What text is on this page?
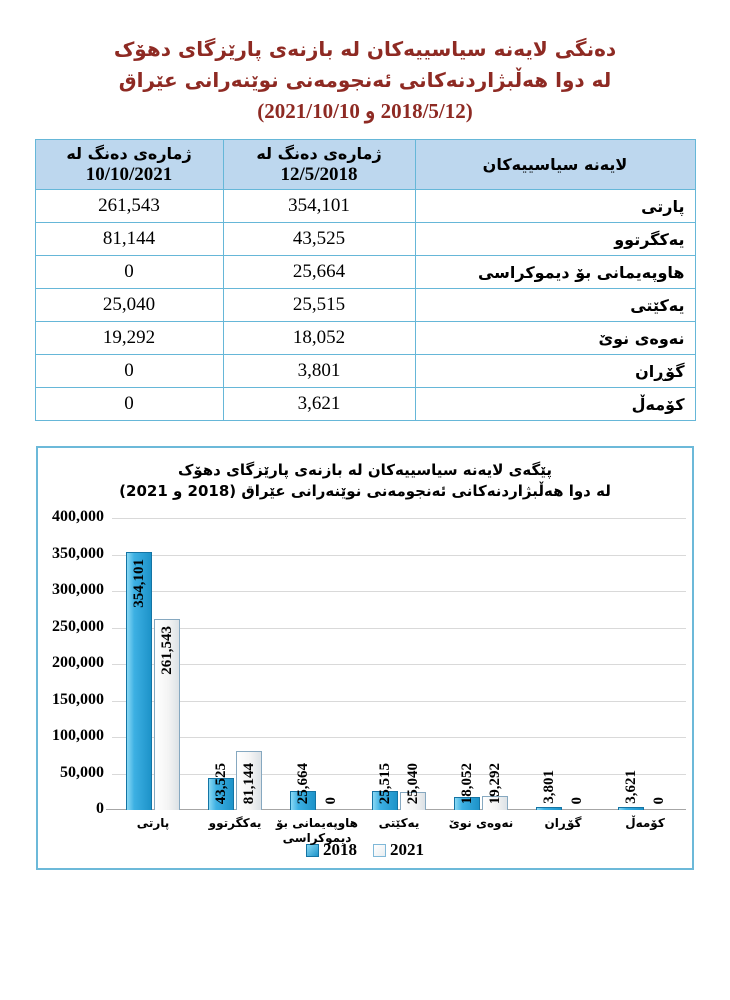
دەنگی لایەنە سیاسییەکان لە بازنەی پارێزگای دهۆک
لە دوا هەڵبژاردنەکانی ئەنجومەنی نوێنەرانی عێراق
(2018/5/12 و 2021/10/10)
لایەنە سیاسییەکان

ژمارەی دەنگ لە
12/5/2018

ژمارەی دەنگ لە
10/10/2021

پارتی	354,101	261,543
یەکگرتوو	43,525	81,144
هاوپەیمانی بۆ دیموکراسی	25,664	0
یەکێتی	25,515	25,040
نەوەی نوێ	18,052	19,292
گۆڕان	3,801	0
کۆمەڵ	3,621	0
پێگەی لایەنە سیاسییەکان لە بازنەی پارێزگای دهۆک
لە دوا هەڵبژاردنەکانی ئەنجومەنی نوێنەرانی عێراق (2018 و 2021)
0
50,000
100,000
150,000
200,000
250,000
300,000
350,000
400,000
354,101
43,525	25,664	25,515	18,052	3,801	3,621
261,543
81,144	0	25,040	19,292	0	0
پارتی	یەکگرتوو	هاوپەیمانی بۆ دیموکراسی
یەکێتی	نەوەی نوێ	گۆڕان	کۆمەڵ
2018 2021
